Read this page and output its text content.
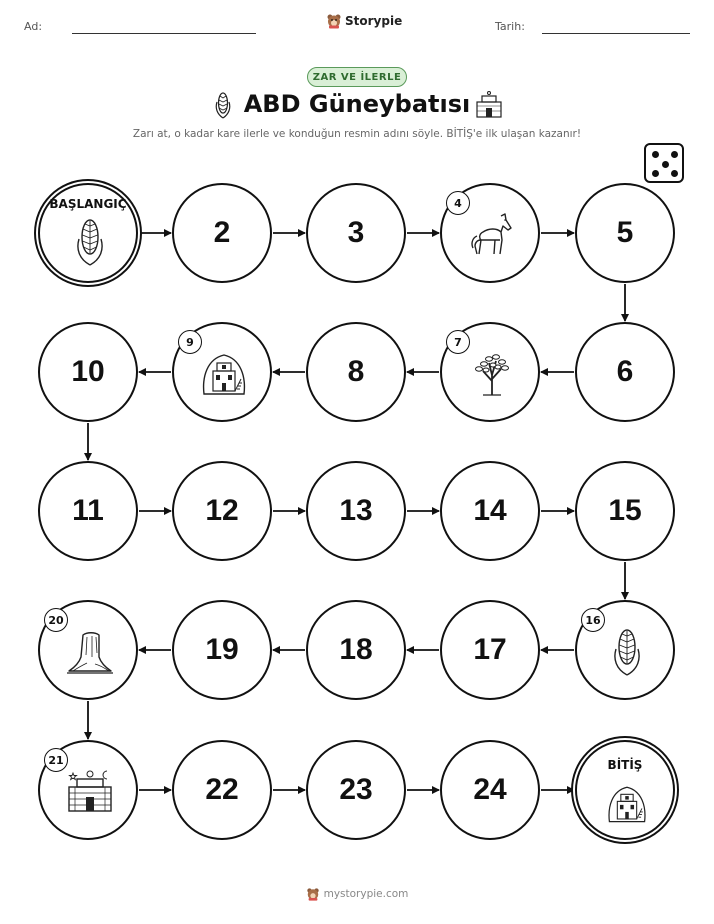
Ad:	Storypie	Tarih:
ZAR VE İLERLE
ABD Güneybatısı
Zarı at, o kadar kare ilerle ve konduğun resmin adını söyle. BİTİŞ'e ilk ulaşan kazanır!
BAŞLANGIÇ
2	3
4
5
6
7
8
9
10
11	12	13	14	15
16
17
18
19
20
21
22	23	24
BİTİŞ
mystorypie.com
